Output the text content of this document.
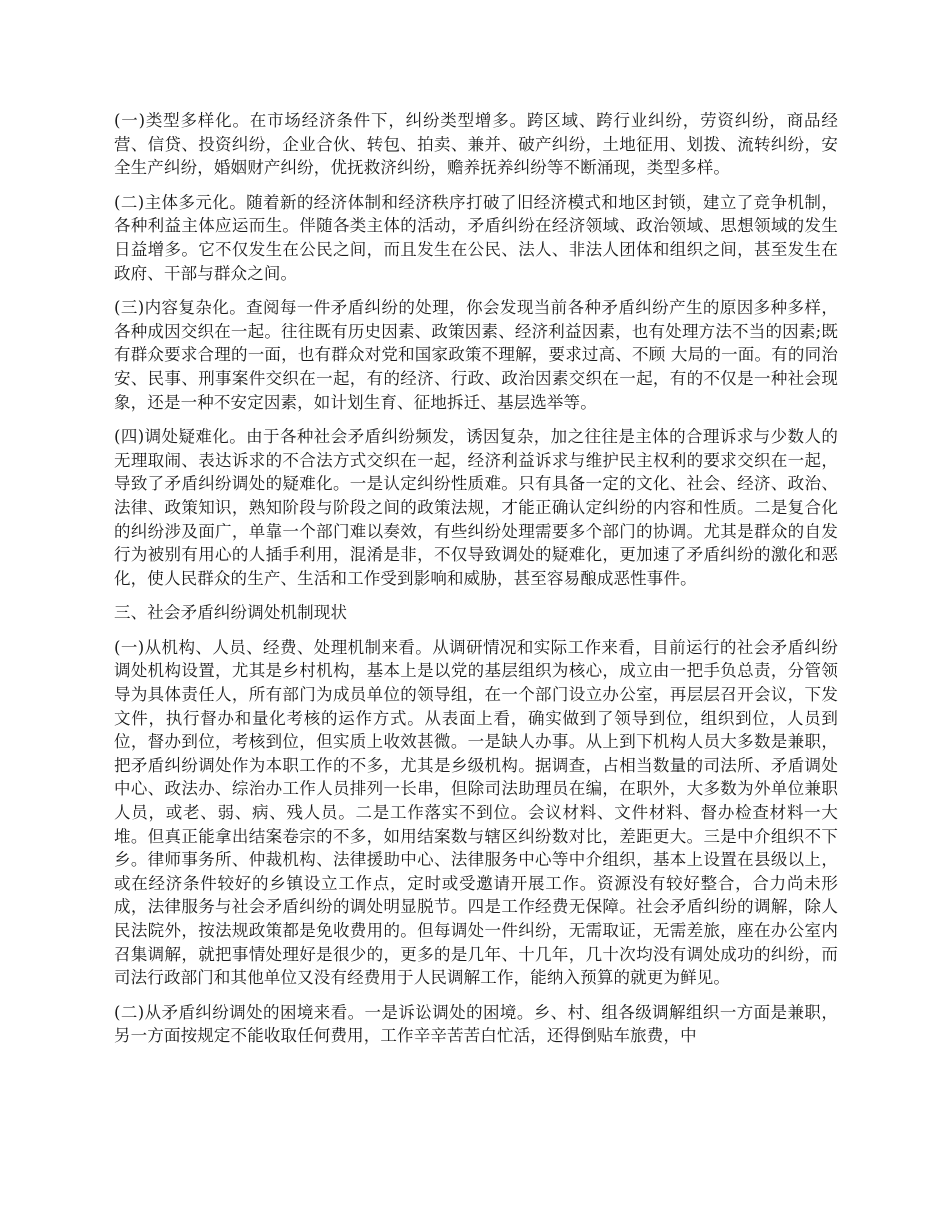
(一)类型多样化。在市场经济条件下，纠纷类型增多。跨区域、跨行业纠纷，劳资纠纷，商品经营、信贷、投资纠纷，企业合伙、转包、拍卖、兼并、破产纠纷，土地征用、划拨、流转纠纷，安全生产纠纷，婚姻财产纠纷，优抚救济纠纷，赡养抚养纠纷等不断涌现，类型多样。

(二)主体多元化。随着新的经济体制和经济秩序打破了旧经济模式和地区封锁，建立了竞争机制，各种利益主体应运而生。伴随各类主体的活动，矛盾纠纷在经济领域、政治领域、思想领域的发生日益增多。它不仅发生在公民之间，而且发生在公民、法人、非法人团体和组织之间，甚至发生在政府、干部与群众之间。

(三)内容复杂化。查阅每一件矛盾纠纷的处理，你会发现当前各种矛盾纠纷产生的原因多种多样，各种成因交织在一起。往往既有历史因素、政策因素、经济利益因素，也有处理方法不当的因素;既有群众要求合理的一面，也有群众对党和国家政策不理解，要求过高、不顾 大局的一面。有的同治安、民事、刑事案件交织在一起，有的经济、行政、政治因素交织在一起，有的不仅是一种社会现象，还是一种不安定因素，如计划生育、征地拆迁、基层选举等。

(四)调处疑难化。由于各种社会矛盾纠纷频发，诱因复杂，加之往往是主体的合理诉求与少数人的无理取闹、表达诉求的不合法方式交织在一起，经济利益诉求与维护民主权利的要求交织在一起，导致了矛盾纠纷调处的疑难化。一是认定纠纷性质难。只有具备一定的文化、社会、经济、政治、法律、政策知识，熟知阶段与阶段之间的政策法规，才能正确认定纠纷的内容和性质。二是复合化的纠纷涉及面广，单靠一个部门难以奏效，有些纠纷处理需要多个部门的协调。尤其是群众的自发行为被别有用心的人插手利用，混淆是非，不仅导致调处的疑难化，更加速了矛盾纠纷的激化和恶化，使人民群众的生产、生活和工作受到影响和威胁，甚至容易酿成恶性事件。

三、社会矛盾纠纷调处机制现状

(一)从机构、人员、经费、处理机制来看。从调研情况和实际工作来看，目前运行的社会矛盾纠纷调处机构设置，尤其是乡村机构，基本上是以党的基层组织为核心，成立由一把手负总责，分管领导为具体责任人，所有部门为成员单位的领导组，在一个部门设立办公室，再层层召开会议，下发文件，执行督办和量化考核的运作方式。从表面上看，确实做到了领导到位，组织到位，人员到位，督办到位，考核到位，但实质上收效甚微。一是缺人办事。从上到下机构人员大多数是兼职，把矛盾纠纷调处作为本职工作的不多，尤其是乡级机构。据调查，占相当数量的司法所、矛盾调处中心、政法办、综治办工作人员排列一长串，但除司法助理员在编，在职外，大多数为外单位兼职人员，或老、弱、病、残人员。二是工作落实不到位。会议材料、文件材料、督办检查材料一大堆。但真正能拿出结案卷宗的不多，如用结案数与辖区纠纷数对比，差距更大。三是中介组织不下乡。律师事务所、仲裁机构、法律援助中心、法律服务中心等中介组织，基本上设置在县级以上，或在经济条件较好的乡镇设立工作点，定时或受邀请开展工作。资源没有较好整合，合力尚未形成，法律服务与社会矛盾纠纷的调处明显脱节。四是工作经费无保障。社会矛盾纠纷的调解，除人民法院外，按法规政策都是免收费用的。但每调处一件纠纷，无需取证，无需差旅，座在办公室内召集调解，就把事情处理好是很少的，更多的是几年、十几年，几十次均没有调处成功的纠纷，而司法行政部门和其他单位又没有经费用于人民调解工作，能纳入预算的就更为鲜见。

(二)从矛盾纠纷调处的困境来看。一是诉讼调处的困境。乡、村、组各级调解组织一方面是兼职，另一方面按规定不能收取任何费用，工作辛辛苦苦白忙活，还得倒贴车旅费，中
